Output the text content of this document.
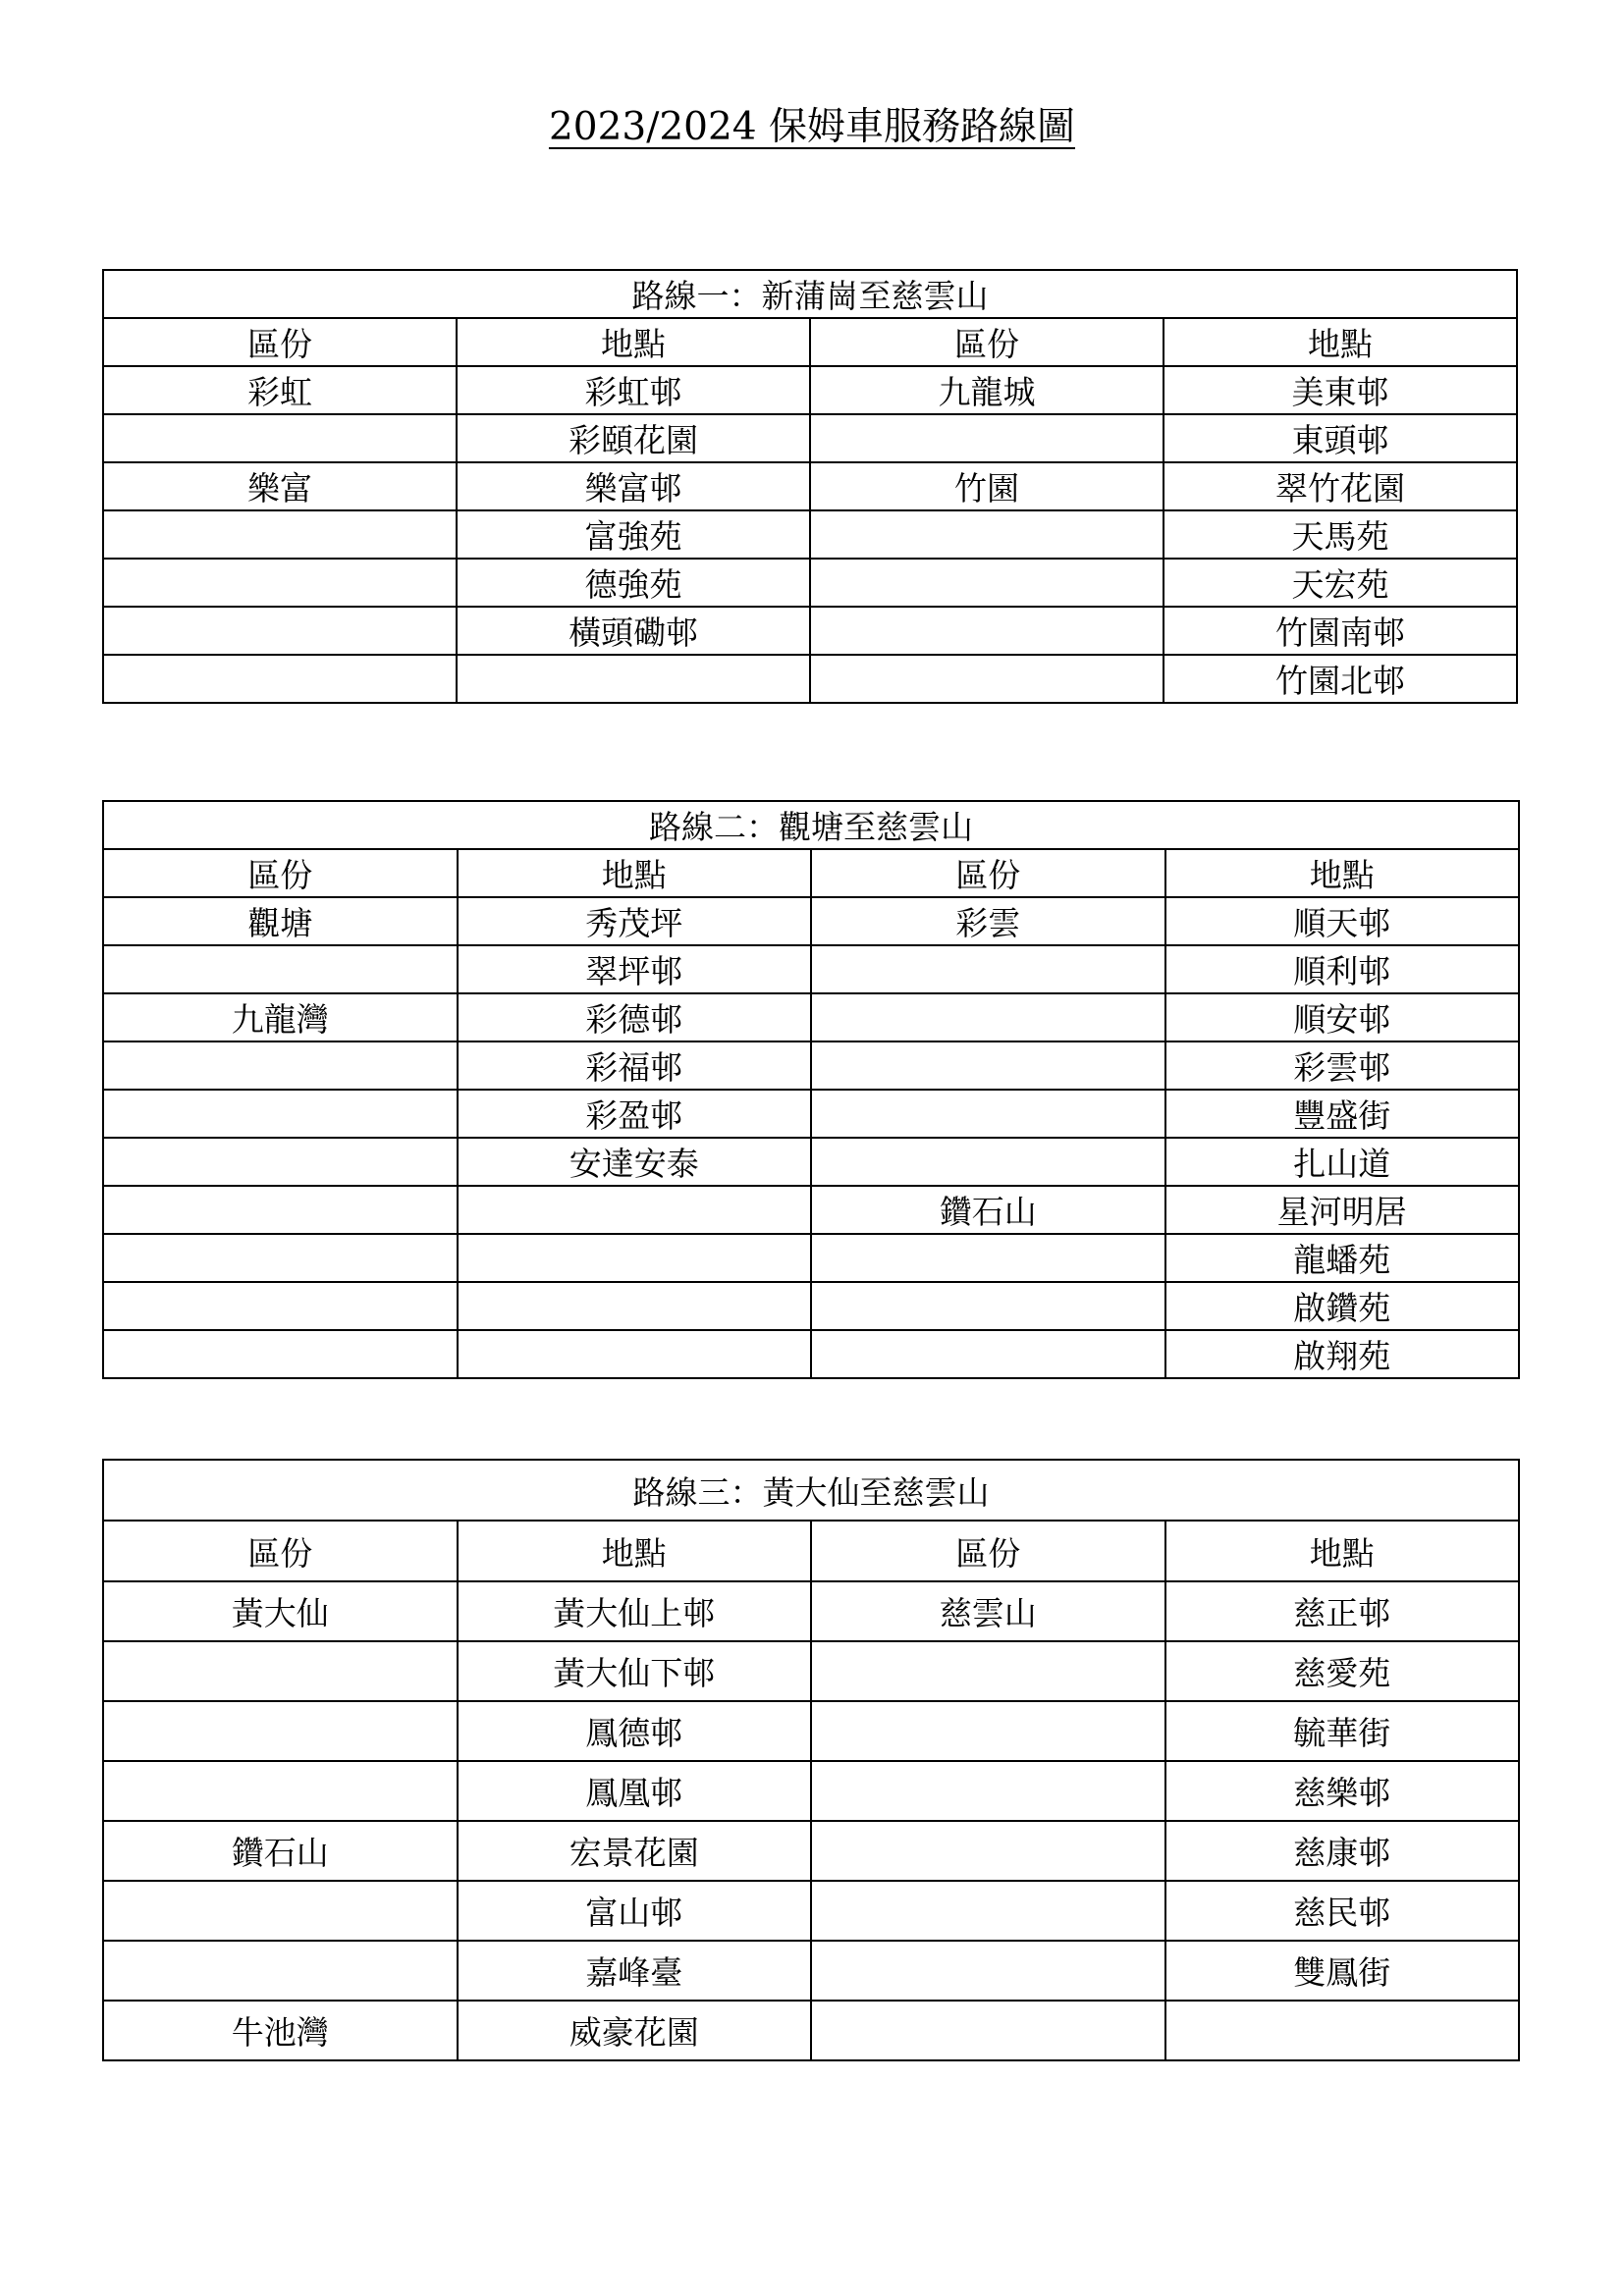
2023/2024 保姆車服務路線圖
路線一：新蒲崗至慈雲山			
區份	地點	區份	地點
彩虹	彩虹邨	九龍城	美東邨
	彩頤花園		東頭邨
樂富	樂富邨	竹園	翠竹花園
	富強苑		天馬苑
	德強苑		天宏苑
	橫頭磡邨		竹園南邨
			竹園北邨
路線二：觀塘至慈雲山			
區份	地點	區份	地點
觀塘	秀茂坪	彩雲	順天邨
	翠坪邨		順利邨
九龍灣	彩德邨		順安邨
	彩福邨		彩雲邨
	彩盈邨		豐盛街
	安達安泰		扎山道
		鑽石山	星河明居
			龍蟠苑
			啟鑽苑
			啟翔苑
路線三：黃大仙至慈雲山			
區份	地點	區份	地點
黃大仙	黃大仙上邨	慈雲山	慈正邨
	黃大仙下邨		慈愛苑
	鳳德邨		毓華街
	鳳凰邨		慈樂邨
鑽石山	宏景花園		慈康邨
	富山邨		慈民邨
	嘉峰臺		雙鳳街
牛池灣	威豪花園		
